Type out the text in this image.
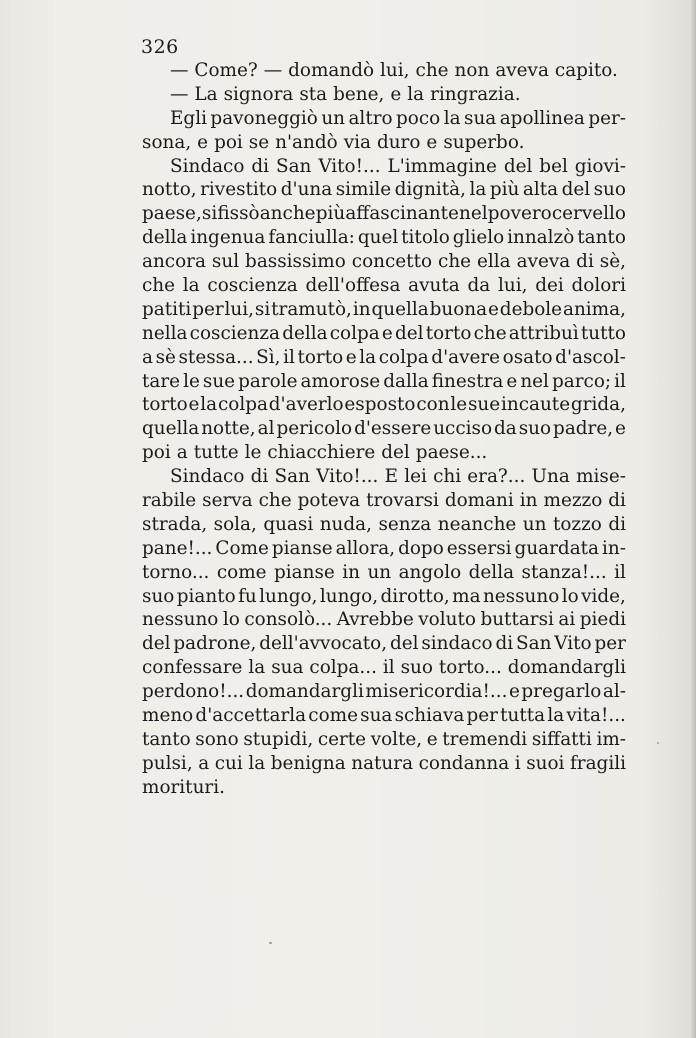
326
— Come? — domandò lui, che non aveva capito.
— La signora sta bene, e la ringrazia.
Egli pavoneggiò un altro poco la sua apollinea per-
sona, e poi se n'andò via duro e superbo.
Sindaco di San Vito!... L'immagine del bel giovi-
notto, rivestito d'una simile dignità, la più alta del suo
paese, si fissò anche più affascinante nel povero cervello
della ingenua fanciulla: quel titolo glielo innalzò tanto
ancora sul bassissimo concetto che ella aveva di sè,
che la coscienza dell'offesa avuta da lui, dei dolori
patiti per lui, si tramutò, in quella buona e debole anima,
nella coscienza della colpa e del torto che attribuì tutto
a sè stessa... Sì, il torto e la colpa d'avere osato d'ascol-
tare le sue parole amorose dalla finestra e nel parco; il
torto e la colpa d'averlo esposto con le sue incaute grida,
quella notte, al pericolo d'essere ucciso da suo padre, e
poi a tutte le chiacchiere del paese...
Sindaco di San Vito!... E lei chi era?... Una mise-
rabile serva che poteva trovarsi domani in mezzo di
strada, sola, quasi nuda, senza neanche un tozzo di
pane!... Come pianse allora, dopo essersi guardata in-
torno... come pianse in un angolo della stanza!... il
suo pianto fu lungo, lungo, dirotto, ma nessuno lo vide,
nessuno lo consolò... Avrebbe voluto buttarsi ai piedi
del padrone, dell'avvocato, del sindaco di San Vito per
confessare la sua colpa... il suo torto... domandargli
perdono!... domandargli misericordia!... e pregarlo al-
meno d'accettarla come sua schiava per tutta la vita!...
tanto sono stupidi, certe volte, e tremendi siffatti im-
pulsi, a cui la benigna natura condanna i suoi fragili
morituri.
